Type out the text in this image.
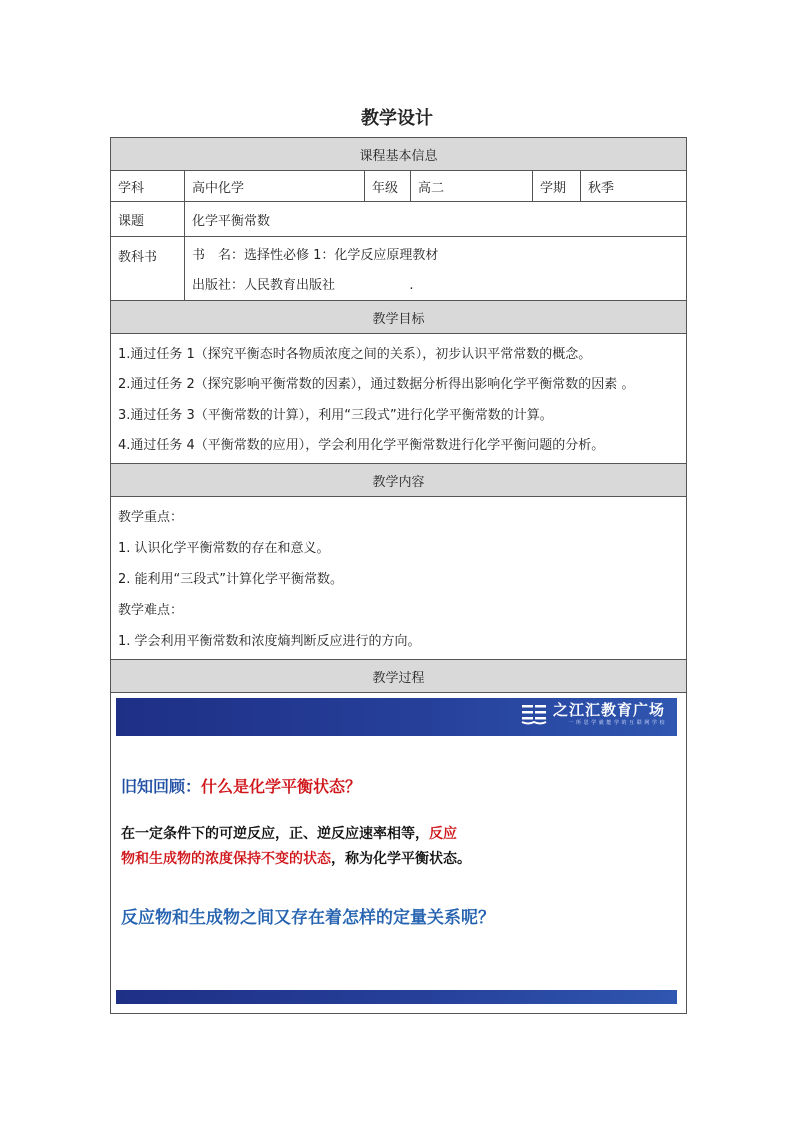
教学设计
课程基本信息
学科	高中化学	年级	高二	学期	秋季
课题	化学平衡常数
教科书	书　名：选择性必修 1：化学反应原理教材
出版社：人民教育出版社                  .
教学目标

1.通过任务 1（探究平衡态时各物质浓度之间的关系），初步认识平常常数的概念。

2.通过任务 2（探究影响平衡常数的因素），通过数据分析得出影响化学平衡常数的因素 。

3.通过任务 3（平衡常数的计算），利用“三段式”进行化学平衡常数的计算。

4.通过任务 4（平衡常数的应用），学会利用化学平衡常数进行化学平衡问题的分析。

教学内容

教学重点：

1. 认识化学平衡常数的存在和意义。

2. 能利用“三段式”计算化学平衡常数。

教学难点：

1. 学会利用平衡常数和浓度熵判断反应进行的方向。

教学过程
之江汇教育广场
一 所 思 学 就 能 学 的 互 联 网 学 校
旧知回顾：什么是化学平衡状态？
在一定条件下的可逆反应，正、逆反应速率相等，反应
物和生成物的浓度保持不变的状态，称为化学平衡状态。
反应物和生成物之间又存在着怎样的定量关系呢？
